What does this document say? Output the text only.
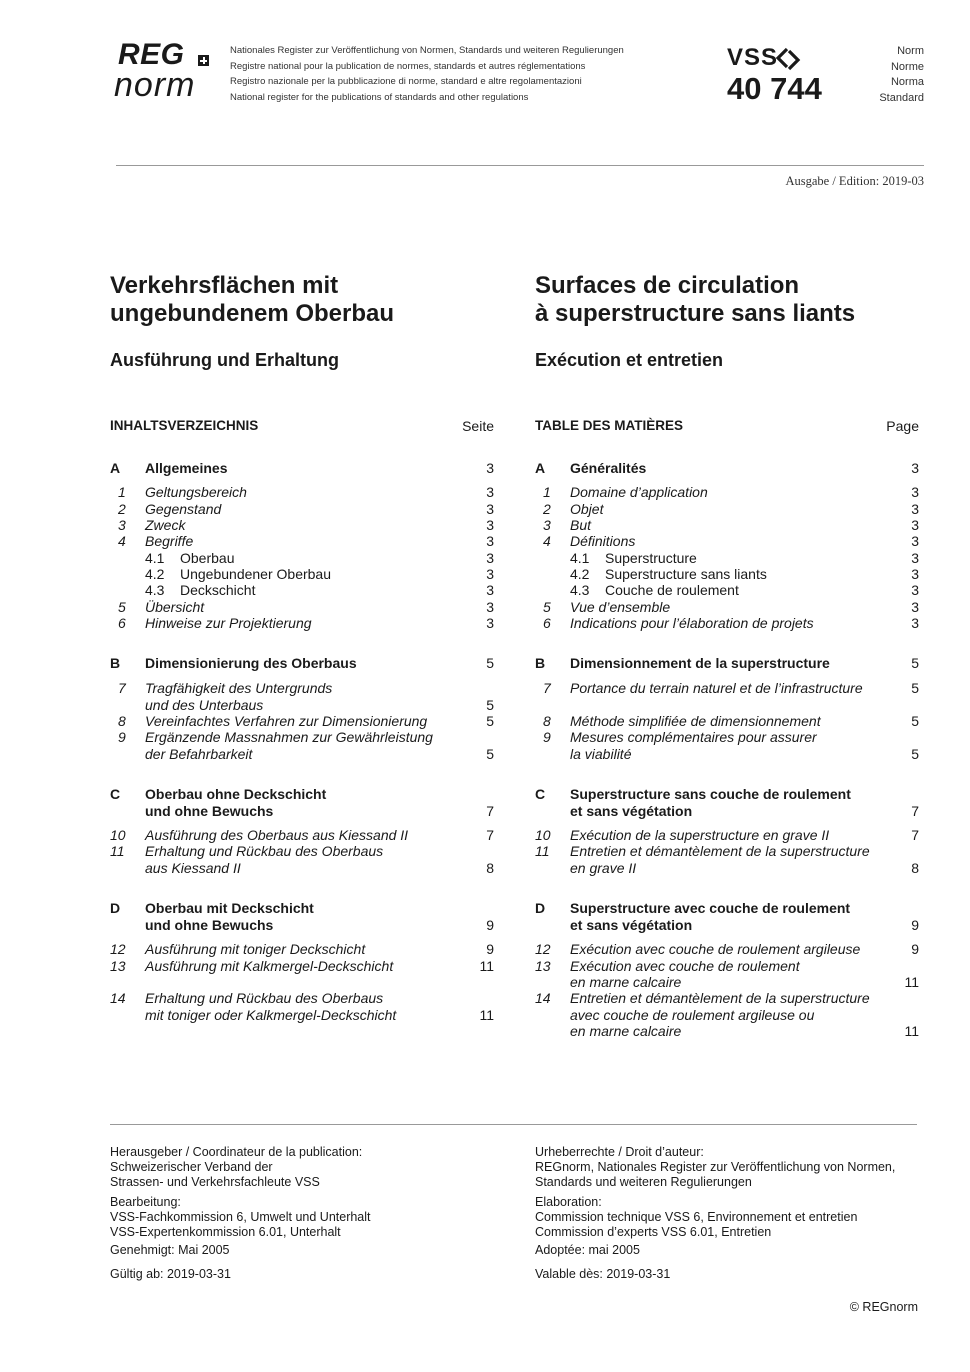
REG
norm
Nationales Register zur Veröffentlichung von Normen, Standards und weiteren Regulierungen
Registre national pour la publication de normes, standards et autres réglementations
Registro nazionale per la pubblicazione di norme, standard e altre regolamentazioni
National register for the publications of standards and other regulations
VSS
40 744
Norm
Norme
Norma
Standard
Ausgabe / Edition: 2019-03
Verkehrsflächen mit
ungebundenem Oberbau
Ausführung und Erhaltung
Surfaces de circulation
à superstructure sans liants
Exécution et entretien
INHALTSVERZEICHNIS	Seite	TABLE DES MATIÈRES	Page
A Allgemeines	3
1 Geltungsbereich	3
2 Gegenstand	3
3 Zweck	3
4 Begriffe	3
4.1 Oberbau	3
4.2 Ungebundener Oberbau	3
4.3 Deckschicht	3
5 Übersicht	3
6 Hinweise zur Projektierung	3
B Dimensionierung des Oberbaus	5
7 Tragfähigkeit des Untergrunds
und des Unterbaus	5
8 Vereinfachtes Verfahren zur Dimensionierung	5
9 Ergänzende Massnahmen zur Gewährleistung
der Befahrbarkeit	5
C Oberbau ohne Deckschicht
und ohne Bewuchs	7
10 Ausführung des Oberbaus aus Kiessand II	7
11 Erhaltung und Rückbau des Oberbaus
aus Kiessand II	8
D Oberbau mit Deckschicht
und ohne Bewuchs	9
12 Ausführung mit toniger Deckschicht	9
13 Ausführung mit Kalkmergel-Deckschicht	11
14 Erhaltung und Rückbau des Oberbaus
mit toniger oder Kalkmergel-Deckschicht	11
A Généralités	3
1 Domaine d’application	3
2 Objet	3
3 But	3
4 Définitions	3
4.1 Superstructure	3
4.2 Superstructure sans liants	3
4.3 Couche de roulement	3
5 Vue d’ensemble	3
6 Indications pour l’élaboration de projets	3
B Dimensionnement de la superstructure	5
7 Portance du terrain naturel et de l’infrastructure	5
8 Méthode simplifiée de dimensionnement	5
9 Mesures complémentaires pour assurer
la viabilité	5
C Superstructure sans couche de roulement
et sans végétation	7
10 Exécution de la superstructure en grave II	7
11 Entretien et démantèlement de la superstructure
en grave II	8
D Superstructure avec couche de roulement
et sans végétation	9
12 Exécution avec couche de roulement argileuse	9
13 Exécution avec couche de roulement
en marne calcaire	11
14 Entretien et démantèlement de la superstructure
avec couche de roulement argileuse ou
en marne calcaire	11
Herausgeber / Coordinateur de la publication:
Schweizerischer Verband der
Strassen- und Verkehrsfachleute VSS
Bearbeitung:
VSS-Fachkommission 6, Umwelt und Unterhalt
VSS-Expertenkommission 6.01, Unterhalt
Genehmigt: Mai 2005
Gültig ab: 2019-03-31
Urheberrechte / Droit d’auteur:
REGnorm, Nationales Register zur Veröffentlichung von Normen,
Standards und weiteren Regulierungen
Elaboration:
Commission technique VSS 6, Environnement et entretien
Commission d’experts VSS 6.01, Entretien
Adoptée: mai 2005
Valable dès: 2019-03-31
© REGnorm
